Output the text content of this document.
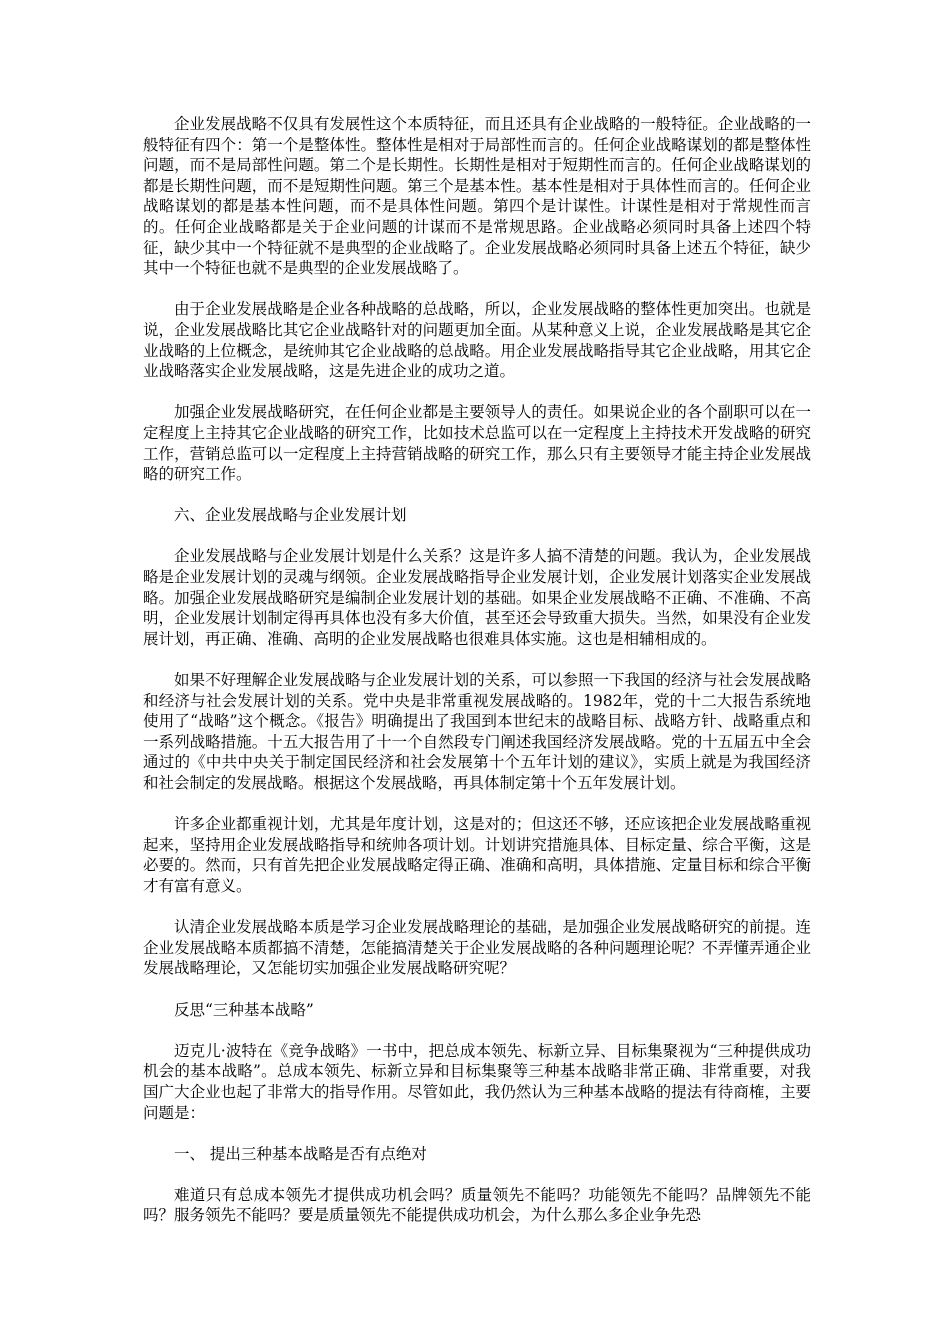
企业发展战略不仅具有发展性这个本质特征，而且还具有企业战略的一般特征。企业战略的一般特征有四个：第一个是整体性。整体性是相对于局部性而言的。任何企业战略谋划的都是整体性问题，而不是局部性问题。第二个是长期性。长期性是相对于短期性而言的。任何企业战略谋划的都是长期性问题，而不是短期性问题。第三个是基本性。基本性是相对于具体性而言的。任何企业战略谋划的都是基本性问题，而不是具体性问题。第四个是计谋性。计谋性是相对于常规性而言的。任何企业战略都是关于企业问题的计谋而不是常规思路。企业战略必须同时具备上述四个特征，缺少其中一个特征就不是典型的企业战略了。企业发展战略必须同时具备上述五个特征，缺少其中一个特征也就不是典型的企业发展战略了。

由于企业发展战略是企业各种战略的总战略，所以，企业发展战略的整体性更加突出。也就是说，企业发展战略比其它企业战略针对的问题更加全面。从某种意义上说，企业发展战略是其它企业战略的上位概念，是统帅其它企业战略的总战略。用企业发展战略指导其它企业战略，用其它企业战略落实企业发展战略，这是先进企业的成功之道。

加强企业发展战略研究，在任何企业都是主要领导人的责任。如果说企业的各个副职可以在一定程度上主持其它企业战略的研究工作，比如技术总监可以在一定程度上主持技术开发战略的研究工作，营销总监可以一定程度上主持营销战略的研究工作，那么只有主要领导才能主持企业发展战略的研究工作。

六、企业发展战略与企业发展计划

企业发展战略与企业发展计划是什么关系？这是许多人搞不清楚的问题。我认为，企业发展战略是企业发展计划的灵魂与纲领。企业发展战略指导企业发展计划，企业发展计划落实企业发展战略。加强企业发展战略研究是编制企业发展计划的基础。如果企业发展战略不正确、不准确、不高明，企业发展计划制定得再具体也没有多大价值，甚至还会导致重大损失。当然，如果没有企业发展计划，再正确、准确、高明的企业发展战略也很难具体实施。这也是相辅相成的。

如果不好理解企业发展战略与企业发展计划的关系，可以参照一下我国的经济与社会发展战略和经济与社会发展计划的关系。党中央是非常重视发展战略的。1982年，党的十二大报告系统地使用了“战略”这个概念。《报告》明确提出了我国到本世纪末的战略目标、战略方针、战略重点和一系列战略措施。十五大报告用了十一个自然段专门阐述我国经济发展战略。党的十五届五中全会通过的《中共中央关于制定国民经济和社会发展第十个五年计划的建议》，实质上就是为我国经济和社会制定的发展战略。根据这个发展战略，再具体制定第十个五年发展计划。

许多企业都重视计划，尤其是年度计划，这是对的；但这还不够，还应该把企业发展战略重视起来，坚持用企业发展战略指导和统帅各项计划。计划讲究措施具体、目标定量、综合平衡，这是必要的。然而，只有首先把企业发展战略定得正确、准确和高明，具体措施、定量目标和综合平衡才有富有意义。

认清企业发展战略本质是学习企业发展战略理论的基础，是加强企业发展战略研究的前提。连企业发展战略本质都搞不清楚，怎能搞清楚关于企业发展战略的各种问题理论呢？不弄懂弄通企业发展战略理论，又怎能切实加强企业发展战略研究呢？

反思“三种基本战略”

迈克儿·波特在《竞争战略》一书中，把总成本领先、标新立异、目标集聚视为“三种提供成功机会的基本战略”。总成本领先、标新立异和目标集聚等三种基本战略非常正确、非常重要，对我国广大企业也起了非常大的指导作用。尽管如此，我仍然认为三种基本战略的提法有待商榷，主要问题是：

一、 提出三种基本战略是否有点绝对

难道只有总成本领先才提供成功机会吗？质量领先不能吗？功能领先不能吗？品牌领先不能吗？服务领先不能吗？要是质量领先不能提供成功机会，为什么那么多企业争先恐
